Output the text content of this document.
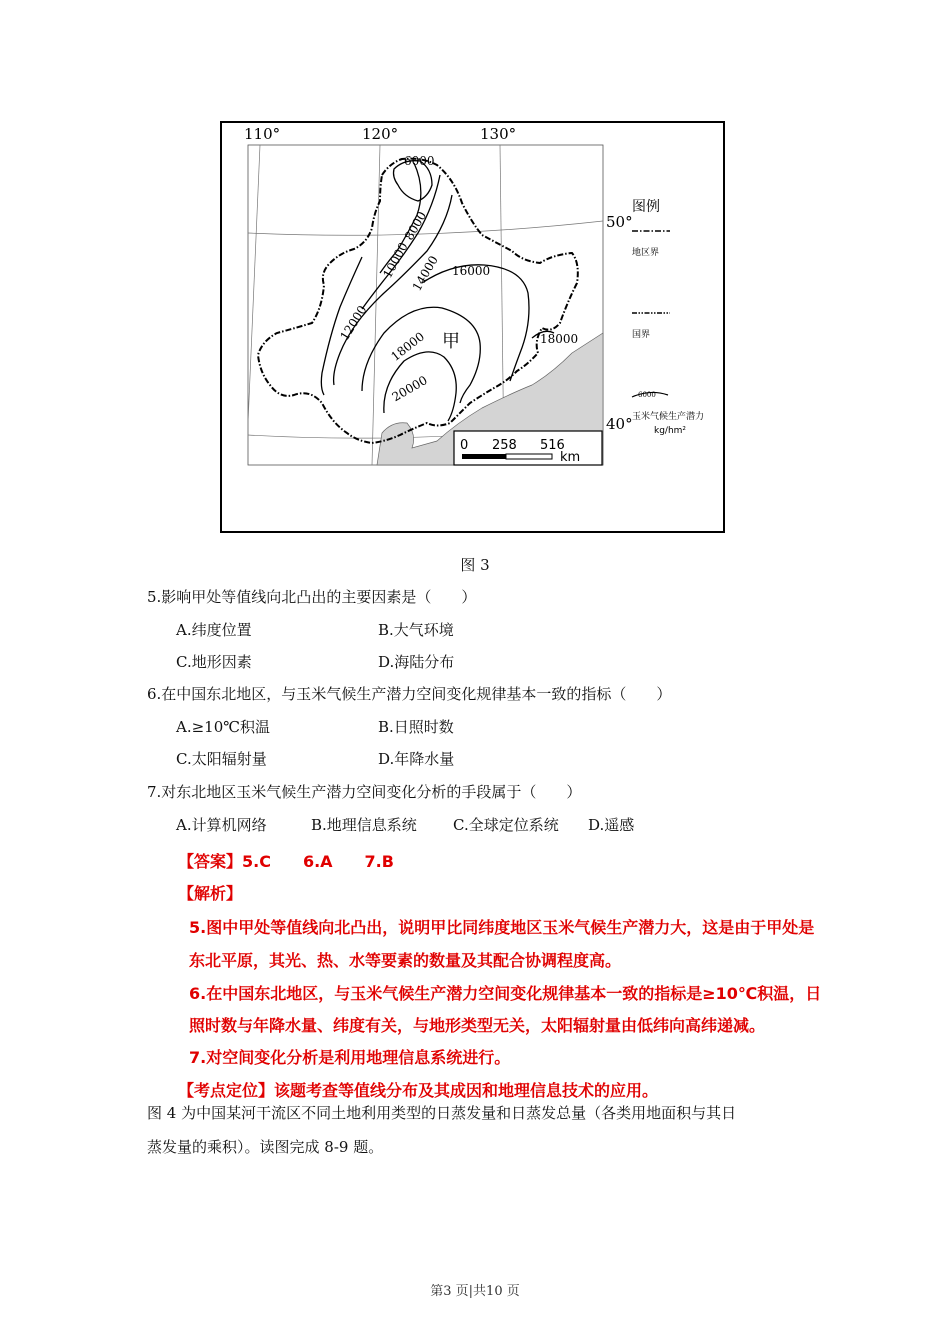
110°	120°	130°
50°
40°
6000
8000
10000
12000
14000 16000
18000
20000
18000
甲
图例
地区界
国界
6000
玉米气候生产潜力
kg/hm²
0 258 516
km
图 3
5.影响甲处等值线向北凸出的主要因素是（　　）
A.纬度位置	B.大气环境
C.地形因素	D.海陆分布
6.在中国东北地区，与玉米气候生产潜力空间变化规律基本一致的指标（　　）
A.≥10℃积温	B.日照时数
C.太阳辐射量	D.年降水量
7.对东北地区玉米气候生产潜力空间变化分析的手段属于（　　）
A.计算机网络	B.地理信息系统 C.全球定位系统 D.遥感
【答案】5.C　　6.A　　7.B
【解析】
5.图中甲处等值线向北凸出，说明甲比同纬度地区玉米气候生产潜力大，这是由于甲处是
东北平原，其光、热、水等要素的数量及其配合协调程度高。
6.在中国东北地区，与玉米气候生产潜力空间变化规律基本一致的指标是≥10℃积温，日
照时数与年降水量、纬度有关，与地形类型无关，太阳辐射量由低纬向高纬递减。
7.对空间变化分析是利用地理信息系统进行。
【考点定位】该题考查等值线分布及其成因和地理信息技术的应用。
图 4 为中国某河干流区不同土地利用类型的日蒸发量和日蒸发总量（各类用地面积与其日
蒸发量的乘积）。读图完成 8-9 题。
第3 页|共10 页
